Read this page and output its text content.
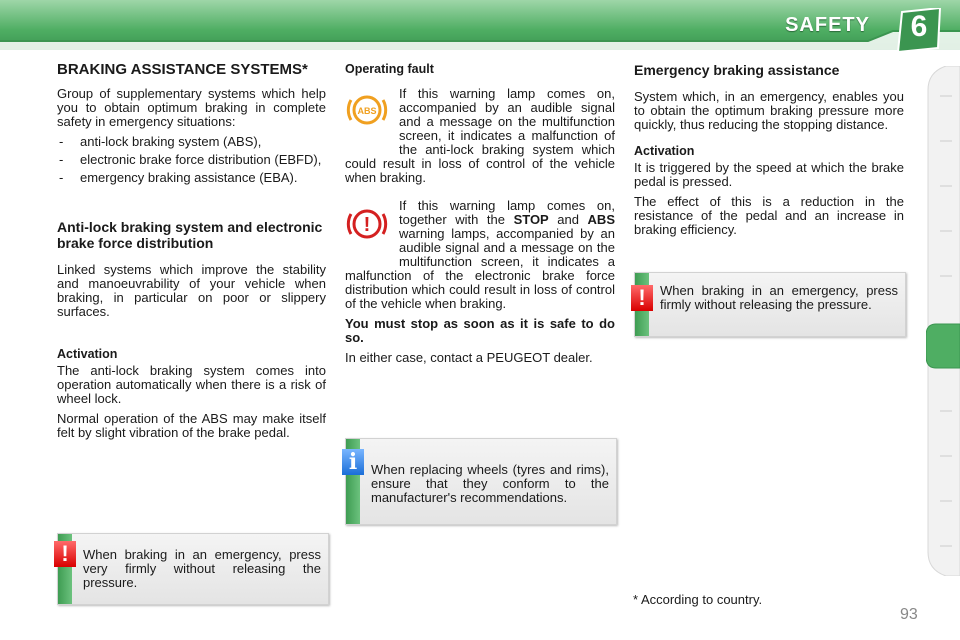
SAFETY	6
BRAKING ASSISTANCE SYSTEMS*

Group of supplementary systems which help you to obtain optimum braking in complete safety in emergency situations:

- anti-lock braking system (ABS),
- electronic brake force distribution (EBFD),
- emergency braking assistance (EBA).
Anti-lock braking system and electronic brake force distribution

Linked systems which improve the stability and manoeuvrability of your vehicle when braking, in particular on poor or slippery surfaces.

Activation

The anti-lock braking system comes into operation automatically when there is a risk of wheel lock.

Normal operation of the ABS may make itself felt by slight vibration of the brake pedal.

!	When braking in an emergency, press very firmly without releasing the pressure.
Operating fault
ABS

If this warning lamp comes on, accompanied by an audible signal and a message on the multifunction screen, it indicates a malfunction of the anti-lock braking system which could result in loss of control of the vehicle when braking.

!

If this warning lamp comes on, together with the STOP and ABS warning lamps, accompanied by an audible signal and a message on the multifunction screen, it indicates a malfunction of the electronic brake force distribution which could result in loss of control of the vehicle when braking.

You must stop as soon as it is safe to do so.

In either case, contact a PEUGEOT dealer.

i	When replacing wheels (tyres and rims), ensure that they conform to the manufacturer's recommendations.
Emergency braking assistance

System which, in an emergency, enables you to obtain the optimum braking pressure more quickly, thus reducing the stopping distance.

Activation

It is triggered by the speed at which the brake pedal is pressed.

The effect of this is a reduction in the resistance of the pedal and an increase in braking efficiency.

!	When braking in an emergency, press firmly without releasing the pressure.
* According to country.
93
